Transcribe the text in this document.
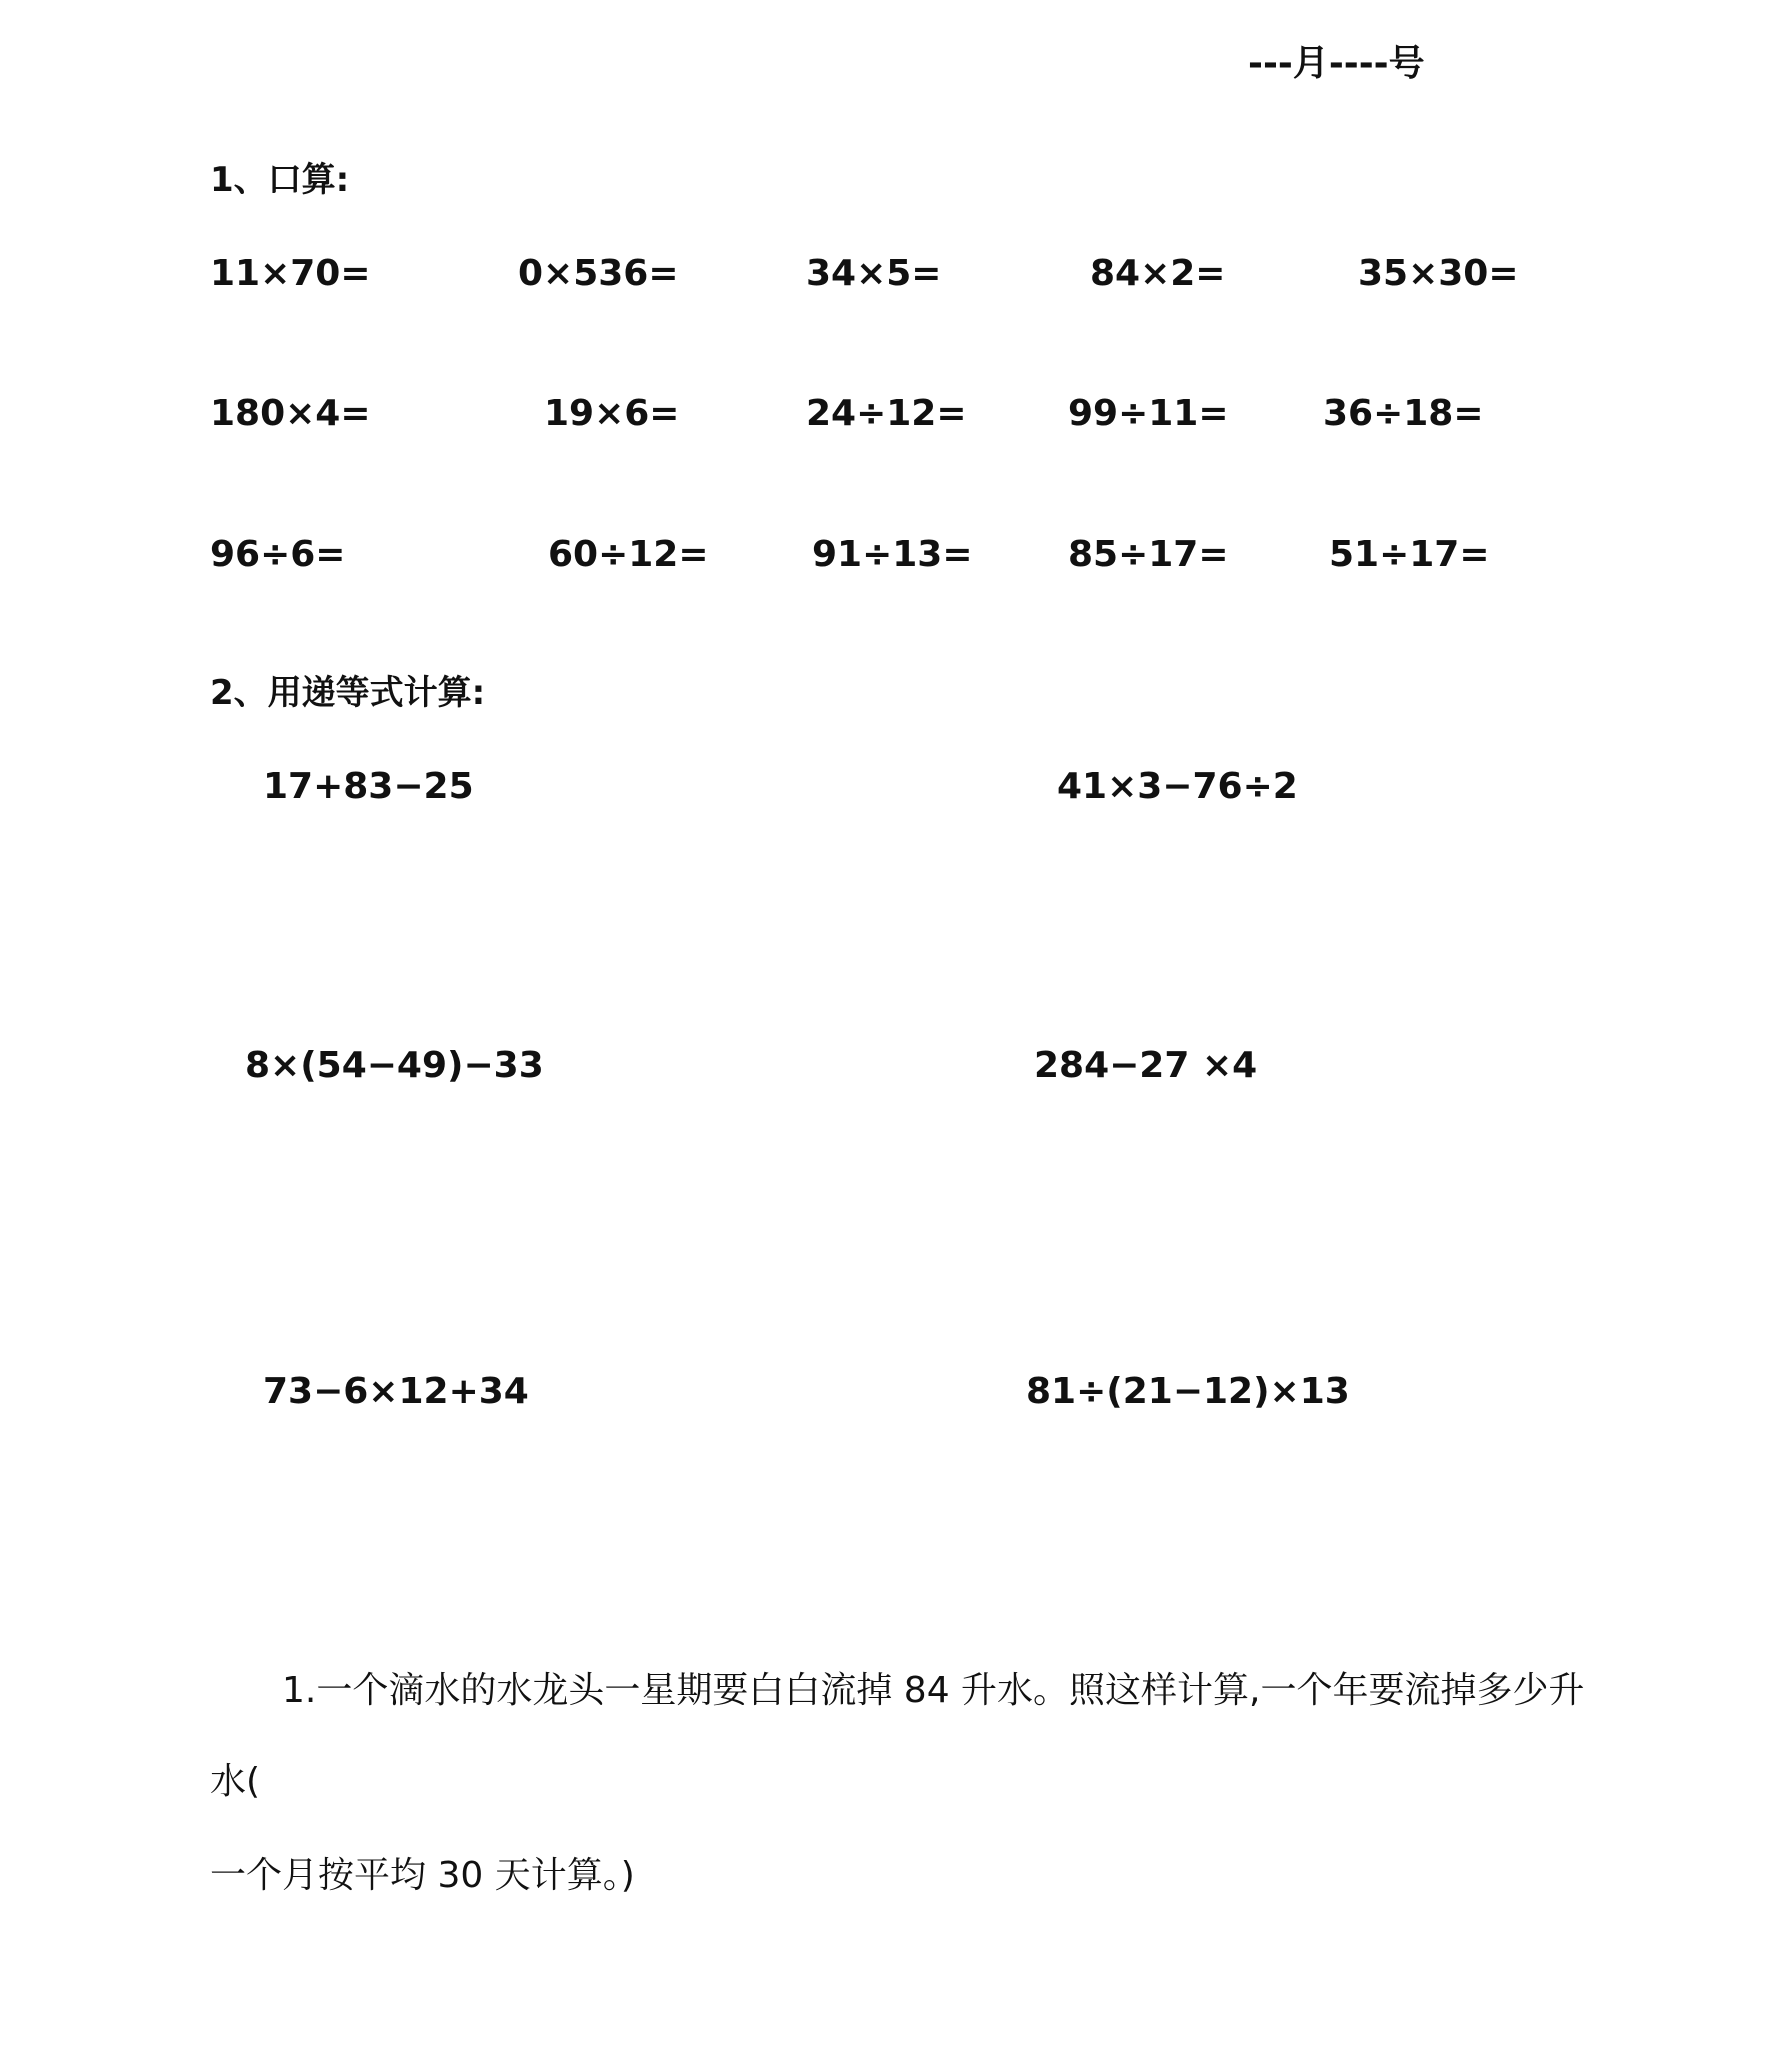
---月----号
1、口算:
11×70=	0×536=	34×5=	84×2=	35×30=
180×4=	19×6=	24÷12=	99÷11=	36÷18=
96÷6=	60÷12=	91÷13=	85÷17=	51÷17=
2、用递等式计算:
17+83−25	41×3−76÷2
8×(54−49)−33	284−27 ×4
73−6×12+34	81÷(21−12)×13
1.一个滴水的水龙头一星期要白白流掉 84 升水。照这样计算,一个年要流掉多少升
水(
一个月按平均 30 天计算。)
